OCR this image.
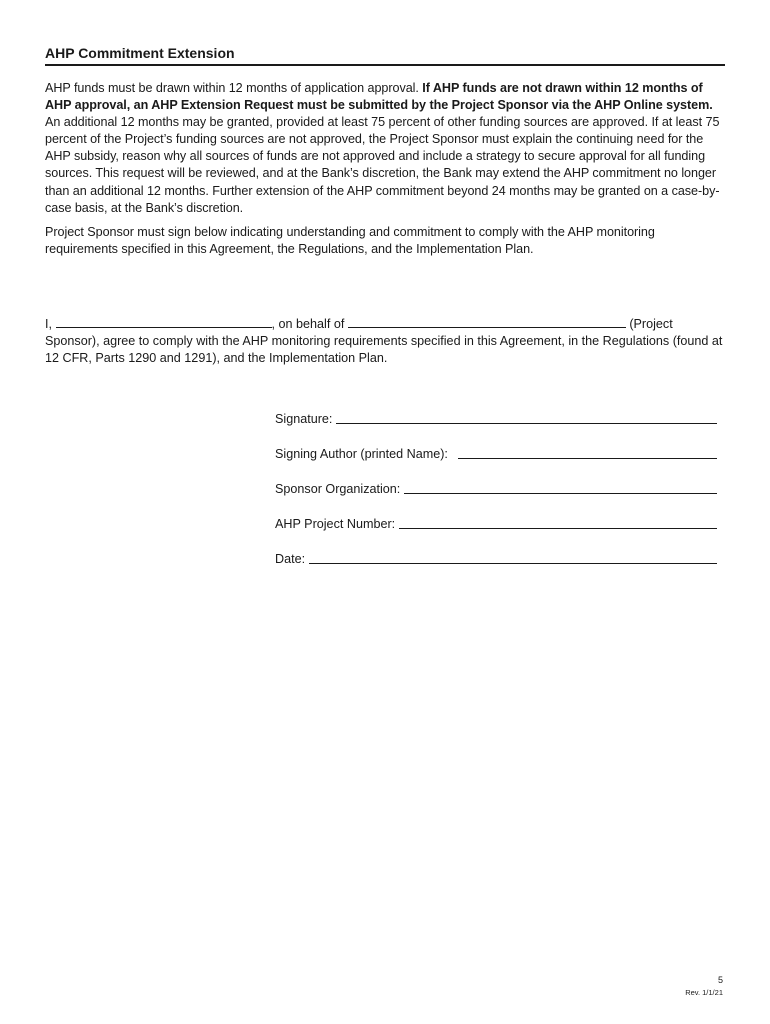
AHP Commitment Extension

AHP funds must be drawn within 12 months of application approval. If AHP funds are not drawn within 12 months of AHP approval, an AHP Extension Request must be submitted by the Project Sponsor via the AHP Online system. An additional 12 months may be granted, provided at least 75 percent of other funding sources are approved. If at least 75 percent of the Project’s funding sources are not approved, the Project Sponsor must explain the continuing need for the AHP subsidy, reason why all sources of funds are not approved and include a strategy to secure approval for all funding sources. This request will be reviewed, and at the Bank’s discretion, the Bank may extend the AHP commitment no longer than an additional 12 months. Further extension of the AHP commitment beyond 24 months may be granted on a case-by-case basis, at the Bank’s discretion.

Project Sponsor must sign below indicating understanding and commitment to comply with the AHP monitoring requirements specified in this Agreement, the Regulations, and the Implementation Plan.

I,	, on behalf of	(Project Sponsor), agree to comply with the AHP monitoring requirements specified in this Agreement, in the Regulations (found at 12 CFR, Parts 1290 and 1291), and the Implementation Plan.

Signature:
Signing Author (printed Name):
Sponsor Organization:
AHP Project Number:
Date:
5
Rev. 1/1/21
